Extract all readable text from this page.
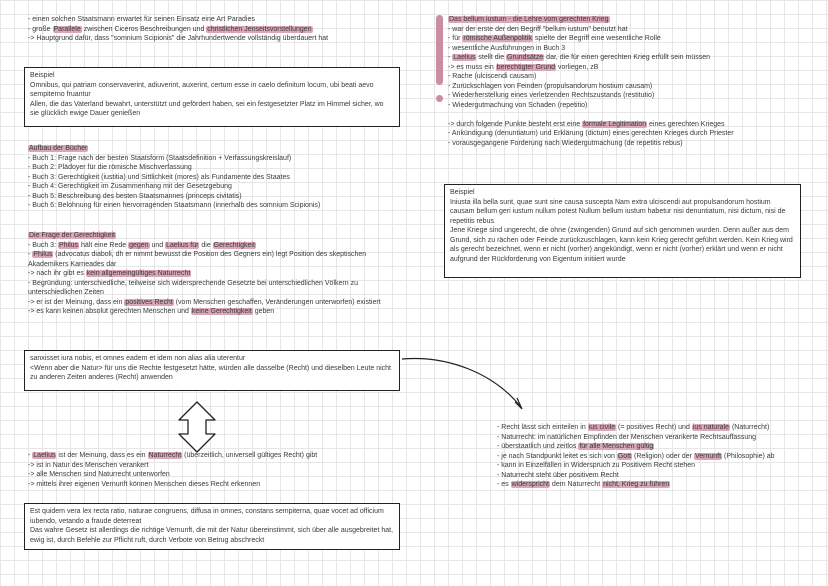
- einen solchen Staatsmann erwartet für seinen Einsatz eine Art Paradies
- große Parallele zwischen Ciceros Beschreibungen und christlichen Jenseitsvorstellungen
-> Hauptgrund dafür, dass "somnium Scipionis" die Jahrhundertwende vollständig überdauert hat
Beispiel
Omnibus, qui patriam conservaverint, adiuverint, auxerint, certum esse in caelo definitum locum, ubi beati aevo sempiterno fruantur
Allen, die das Vaterland bewahrt, unterstützt und gefördert haben, sei ein festgesetzter Platz im Himmel sicher, wo sie glücklich ewige Dauer genießen
Aufbau der Bücher
- Buch 1: Frage nach der besten Staatsform (Staatsdefinition + Verfassungskreislauf)
- Buch 2: Plädoyer für die römische Mischverfassung
- Buch 3: Gerechtigkeit (iustitia) und Sittlichkeit (mores) als Fundamente des Staates
- Buch 4: Gerechtigkeit im Zusammenhang mit der Gesetzgebung
- Buch 5: Beschreibung des besten Staatsmannes (princeps civitatis)
- Buch 6: Belohnung für einen hervorragenden Staatsmann (innerhalb des somnium Scipionis)
Die Frage der Gerechtigkeit
- Buch 3: Philus hält eine Rede gegen und Laelius für die Gerechtigkeit
- Philus (advocatus diaboli, dh er nimmt bewusst die Position des Gegners ein) legt Position des skeptischen
Akademikers Karneades dar
-> nach ihr gibt es kein allgemeingültiges Naturrecht
- Begründung: unterschiedliche, teilweise sich widersprechende Gesetzte bei unterschiedlichen Völkern zu
unterschiedlichen Zeiten
-> er ist der Meinung, dass ein positives Recht (vom Menschen geschaffen, Veränderungen unterworfen) existiert
-> es kann keinen absolut gerechten Menschen und keine Gerechtigkeit geben
sanxisset iura nobis, et omnes eadem et idem non alias alia uterentur
<Wenn aber die Natur> für uns die Rechte festgesetzt hätte, würden alle dasselbe (Recht) und dieselben Leute nicht zu anderen Zeiten anderes (Recht) anwenden
- Laelius ist der Meinung, dass es ein Naturrecht (überzeitlich, universell gültiges Recht) gibt
-> ist in Natur des Menschen verankert
-> alle Menschen sind Naturrecht unterworfen
-> mittels ihrer eigenen Vernunft können Menschen dieses Recht erkennen
Est quidem vera lex recta ratio, naturae congruens, diffusa in omnes, constans sempiterna, quae vocet ad officium iubendo, vetando a fraude deterreat
Das wahre Gesetz ist allerdings die richtige Vernunft, die mit der Natur übereinstimmt, sich über alle ausgebreitet hat, ewig ist, durch Befehle zur Pflicht ruft, durch Verbote von Betrug abschreckt
Das bellum iustum - die Lehre vom gerechten Krieg
- war der erste der den Begriff "bellum iustum" benutzt hat
- für römische Außenpolitik spielte der Begriff eine wesentliche Rolle
- wesentliche Ausführungen in Buch 3
- Laelius stellt die Grundsätze dar, die für einen gerechten Krieg erfüllt sein müssen
-> es muss ein berechtigter Grund vorliegen, zB
- Rache (ulciscendi causam)
- Zurückschlagen von Feinden (propulsandorum hostium causam)
- Wiederherstellung eines verletzenden Rechtszustands (restitutio)
- Wiedergutmachung von Schaden (repetitio)

-> durch folgende Punkte besteht erst eine formale Legitimation eines gerechten Krieges
- Ankündigung (denuntiatum) und Erklärung (dictum) eines gerechten Krieges durch Priester
- vorausgegangene Forderung nach Wiedergutmachung (de repetitis rebus)
Beispiel
Iniusta illa bella sunt, quae sunt sine causa suscepta Nam extra ulciscendi aut propulsandorum hostium causam bellum geri iustum nullum potest Nullum bellum iustum habetur nisi denuntiatum, nisi dictum, nisi de repetitis rebus
Jene Kriege sind ungerecht, die ohne (zwingenden) Grund auf sich genommen wurden. Denn außer aus dem Grund, sich zu rächen oder Feinde zurückzuschlagen, kann kein Krieg gerecht geführt werden. Kein Krieg wird als gerecht bezeichnet, wenn er nicht (vorher) angekündigt, wenn er nicht (vorher) erklärt und wenn er nicht aufgrund der Rückforderung von Eigentum initiiert wurde
- Recht lässt sich einteilen in ius civile (= positives Recht) und ius naturale (Naturrecht)
- Naturrecht: im natürlichen Empfinden der Menschen verankerte Rechtsauffassung
- überstaatlich und zeitlos für alle Menschen gültig
- je nach Standpunkt leitet es sich von Gott (Religion) oder der Vernunft (Philosophie) ab
- kann in Einzelfällen in Widerspruch zu Positivem Recht stehen
- Naturrecht steht über positivem Recht
- es widerspricht dem Naturrecht nicht, Krieg zu führen
